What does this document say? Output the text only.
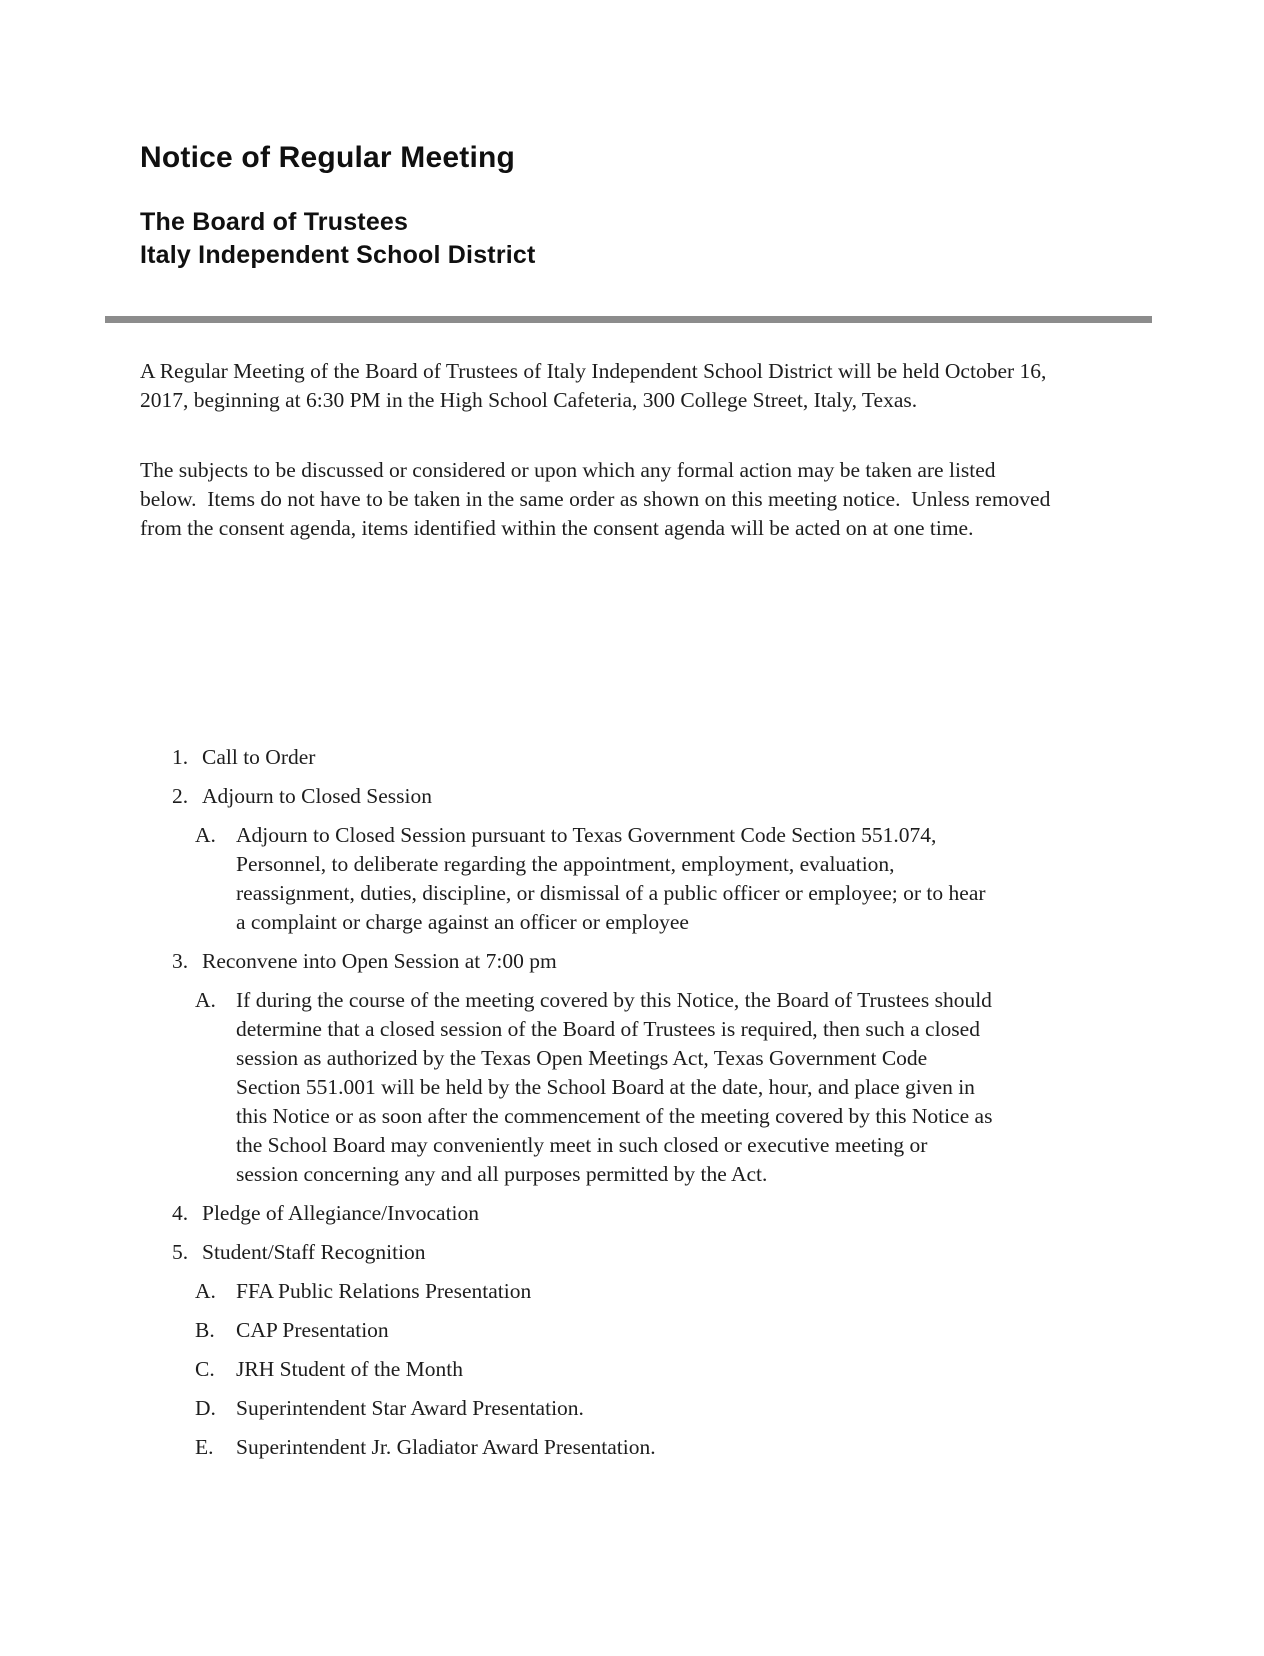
Notice of Regular Meeting
The Board of Trustees
Italy Independent School District

A Regular Meeting of the Board of Trustees of Italy Independent School District will be held October 16, 2017, beginning at 6:30 PM in the High School Cafeteria, 300 College Street, Italy, Texas.

The subjects to be discussed or considered or upon which any formal action may be taken are listed below.  Items do not have to be taken in the same order as shown on this meeting notice.  Unless removed from the consent agenda, items identified within the consent agenda will be acted on at one time.

1. Call to Order
2. Adjourn to Closed Session
A. Adjourn to Closed Session pursuant to Texas Government Code Section 551.074, Personnel, to deliberate regarding the appointment, employment, evaluation, reassignment, duties, discipline, or dismissal of a public officer or employee; or to hear a complaint or charge against an officer or employee
3. Reconvene into Open Session at 7:00 pm
A. If during the course of the meeting covered by this Notice, the Board of Trustees should determine that a closed session of the Board of Trustees is required, then such a closed session as authorized by the Texas Open Meetings Act, Texas Government Code Section 551.001 will be held by the School Board at the date, hour, and place given in this Notice or as soon after the commencement of the meeting covered by this Notice as the School Board may conveniently meet in such closed or executive meeting or session concerning any and all purposes permitted by the Act.
4. Pledge of Allegiance/Invocation
5. Student/Staff Recognition
A. FFA Public Relations Presentation
B. CAP Presentation
C. JRH Student of the Month
D. Superintendent Star Award Presentation.
E.	Superintendent Jr. Gladiator Award Presentation.
